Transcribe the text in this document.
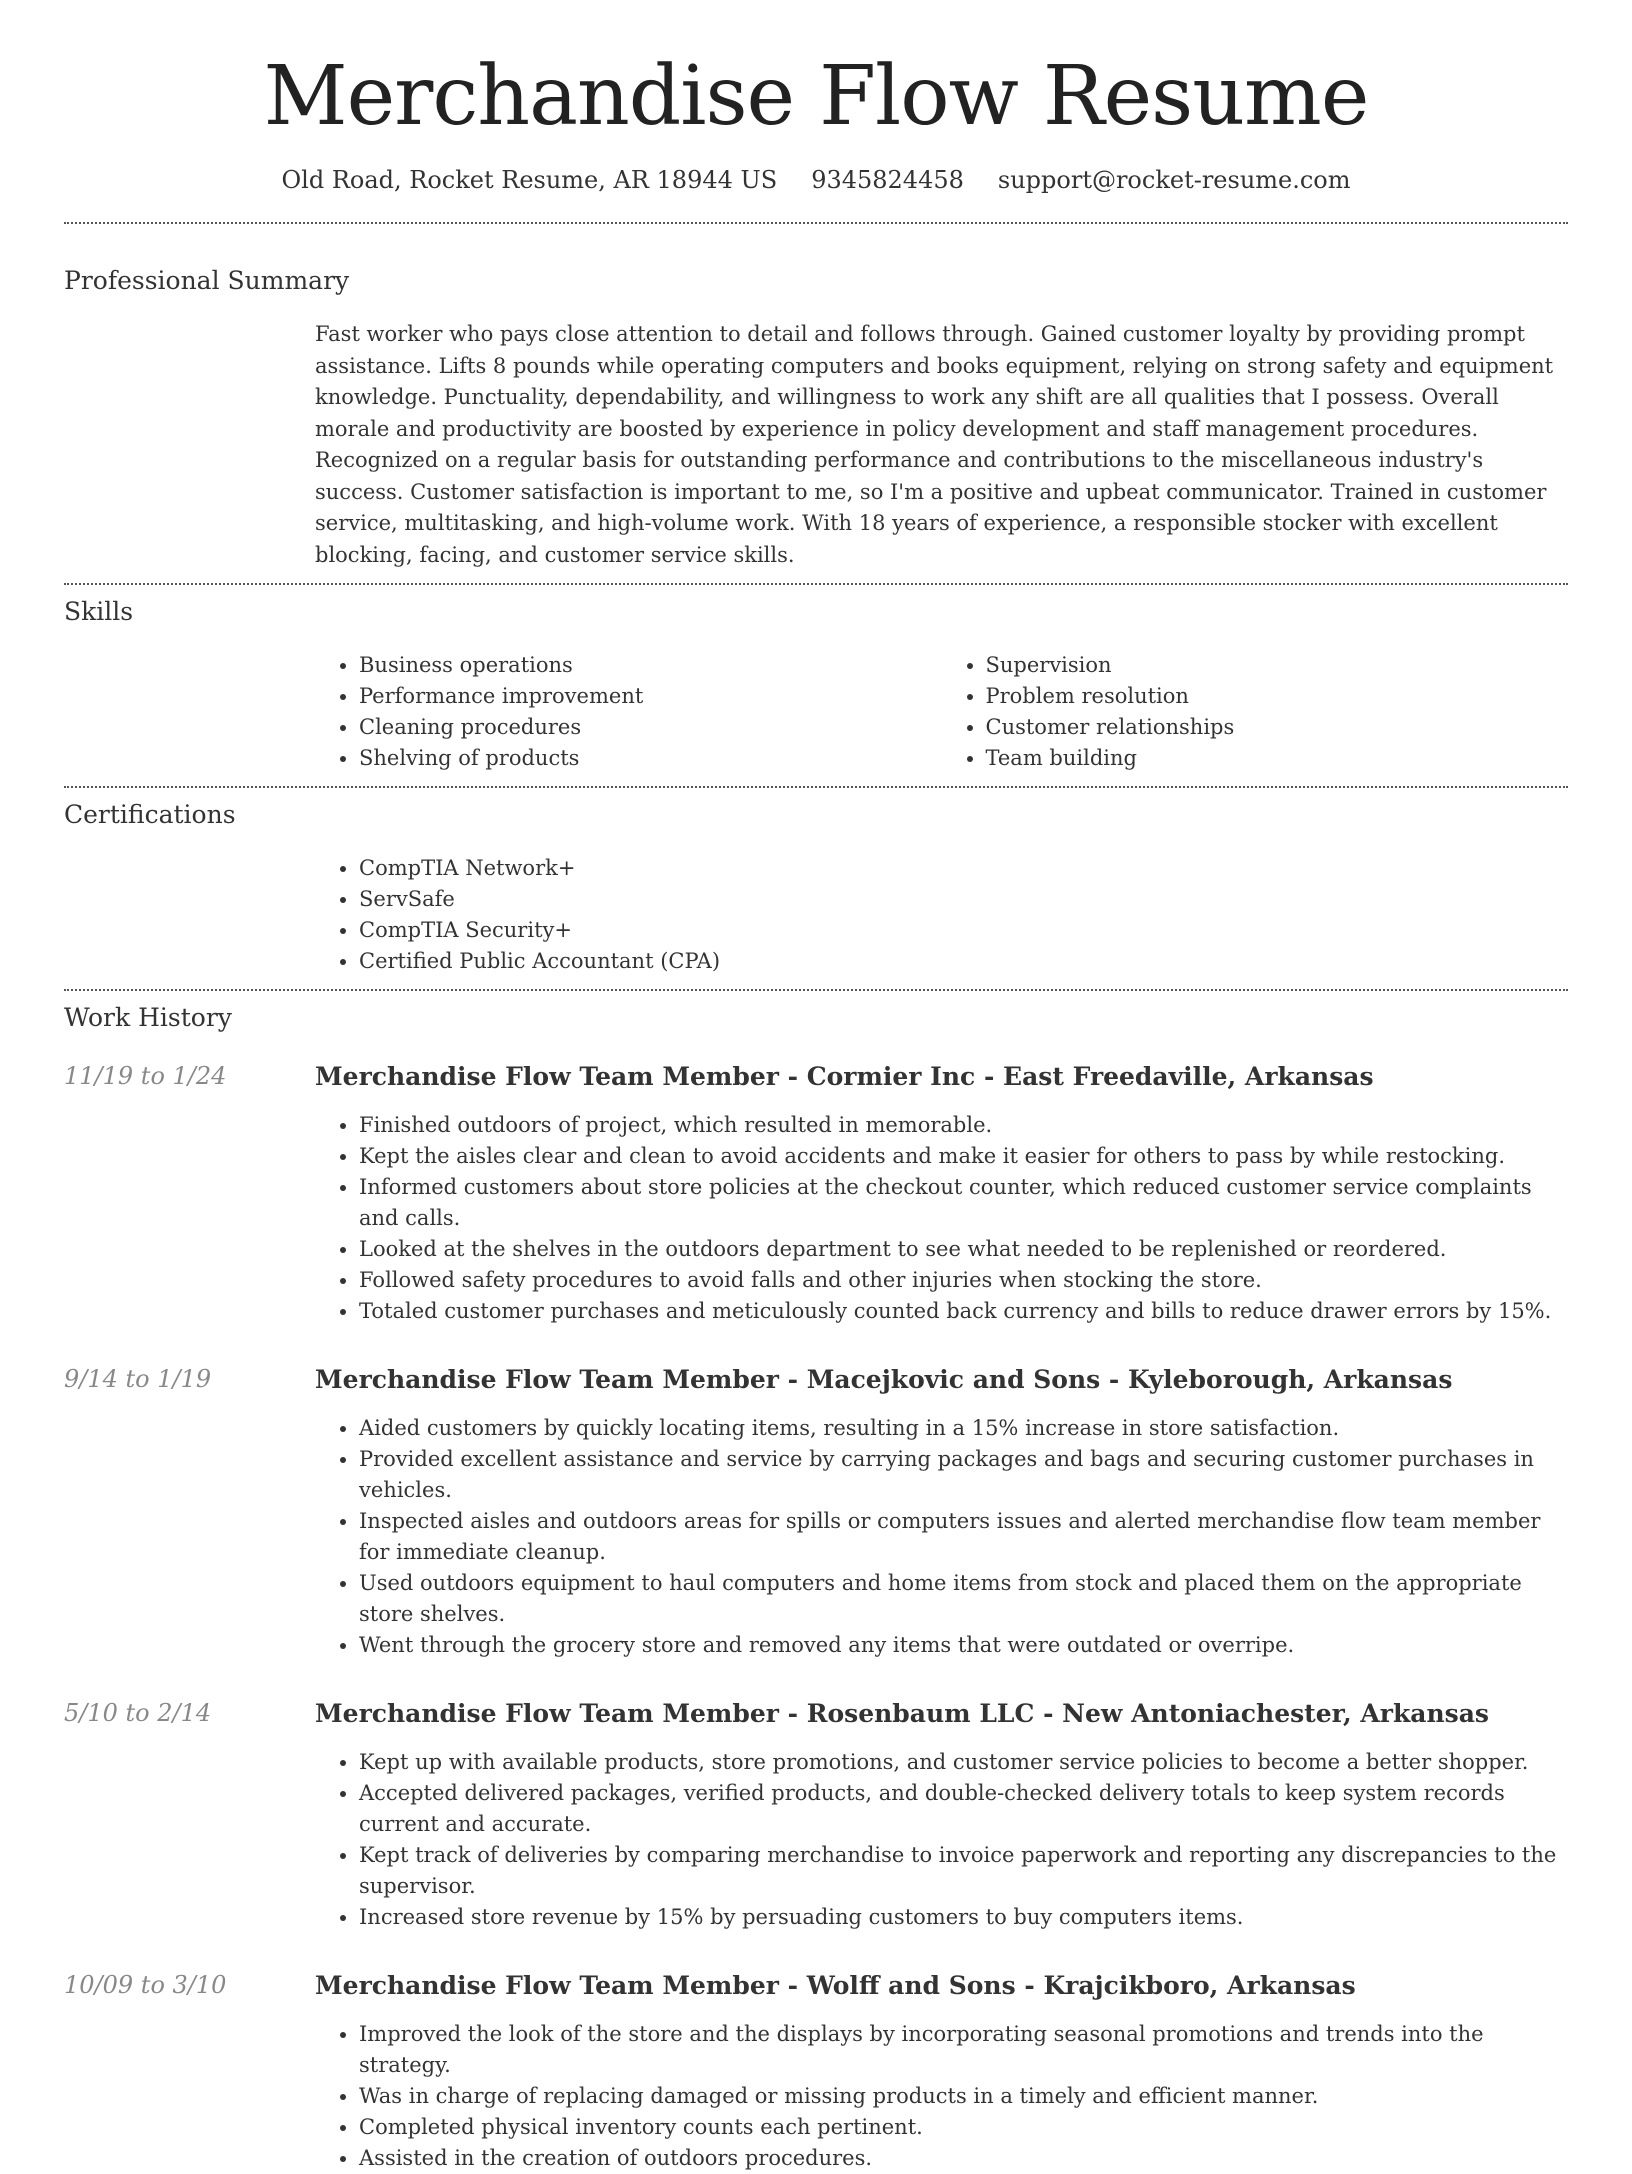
Merchandise Flow Resume
Old Road, Rocket Resume, AR 18944 US 9345824458 support@rocket-resume.com
Professional Summary

Fast worker who pays close attention to detail and follows through. Gained customer loyalty by providing prompt assistance. Lifts 8 pounds while operating computers and books equipment, relying on strong safety and equipment knowledge. Punctuality, dependability, and willingness to work any shift are all qualities that I possess. Overall morale and productivity are boosted by experience in policy development and staff management procedures. Recognized on a regular basis for outstanding performance and contributions to the miscellaneous industry's success. Customer satisfaction is important to me, so I'm a positive and upbeat communicator. Trained in customer service, multitasking, and high-volume work. With 18 years of experience, a responsible stocker with excellent blocking, facing, and customer service skills.

Skills
• Business operations
• Performance improvement
• Cleaning procedures
• Shelving of products
• Supervision
• Problem resolution
• Customer relationships
• Team building
Certifications
• CompTIA Network+
• ServSafe
• CompTIA Security+
• Certified Public Accountant (CPA)
Work History
11/19 to 1/24	Merchandise Flow Team Member - Cormier Inc - East Freedaville, Arkansas
• Finished outdoors of project, which resulted in memorable.
• Kept the aisles clear and clean to avoid accidents and make it easier for others to pass by while restocking.
• Informed customers about store policies at the checkout counter, which reduced customer service complaints and calls.
• Looked at the shelves in the outdoors department to see what needed to be replenished or reordered.
• Followed safety procedures to avoid falls and other injuries when stocking the store.
• Totaled customer purchases and meticulously counted back currency and bills to reduce drawer errors by 15%.
9/14 to 1/19	Merchandise Flow Team Member - Macejkovic and Sons - Kyleborough, Arkansas
• Aided customers by quickly locating items, resulting in a 15% increase in store satisfaction.
• Provided excellent assistance and service by carrying packages and bags and securing customer purchases in vehicles.
• Inspected aisles and outdoors areas for spills or computers issues and alerted merchandise flow team member for immediate cleanup.
• Used outdoors equipment to haul computers and home items from stock and placed them on the appropriate store shelves.
• Went through the grocery store and removed any items that were outdated or overripe.
5/10 to 2/14	Merchandise Flow Team Member - Rosenbaum LLC - New Antoniachester, Arkansas
• Kept up with available products, store promotions, and customer service policies to become a better shopper.
• Accepted delivered packages, verified products, and double-checked delivery totals to keep system records current and accurate.
• Kept track of deliveries by comparing merchandise to invoice paperwork and reporting any discrepancies to the supervisor.
• Increased store revenue by 15% by persuading customers to buy computers items.
10/09 to 3/10	Merchandise Flow Team Member - Wolff and Sons - Krajcikboro, Arkansas
• Improved the look of the store and the displays by incorporating seasonal promotions and trends into the strategy.
• Was in charge of replacing damaged or missing products in a timely and efficient manner.
• Completed physical inventory counts each pertinent.
• Assisted in the creation of outdoors procedures.
